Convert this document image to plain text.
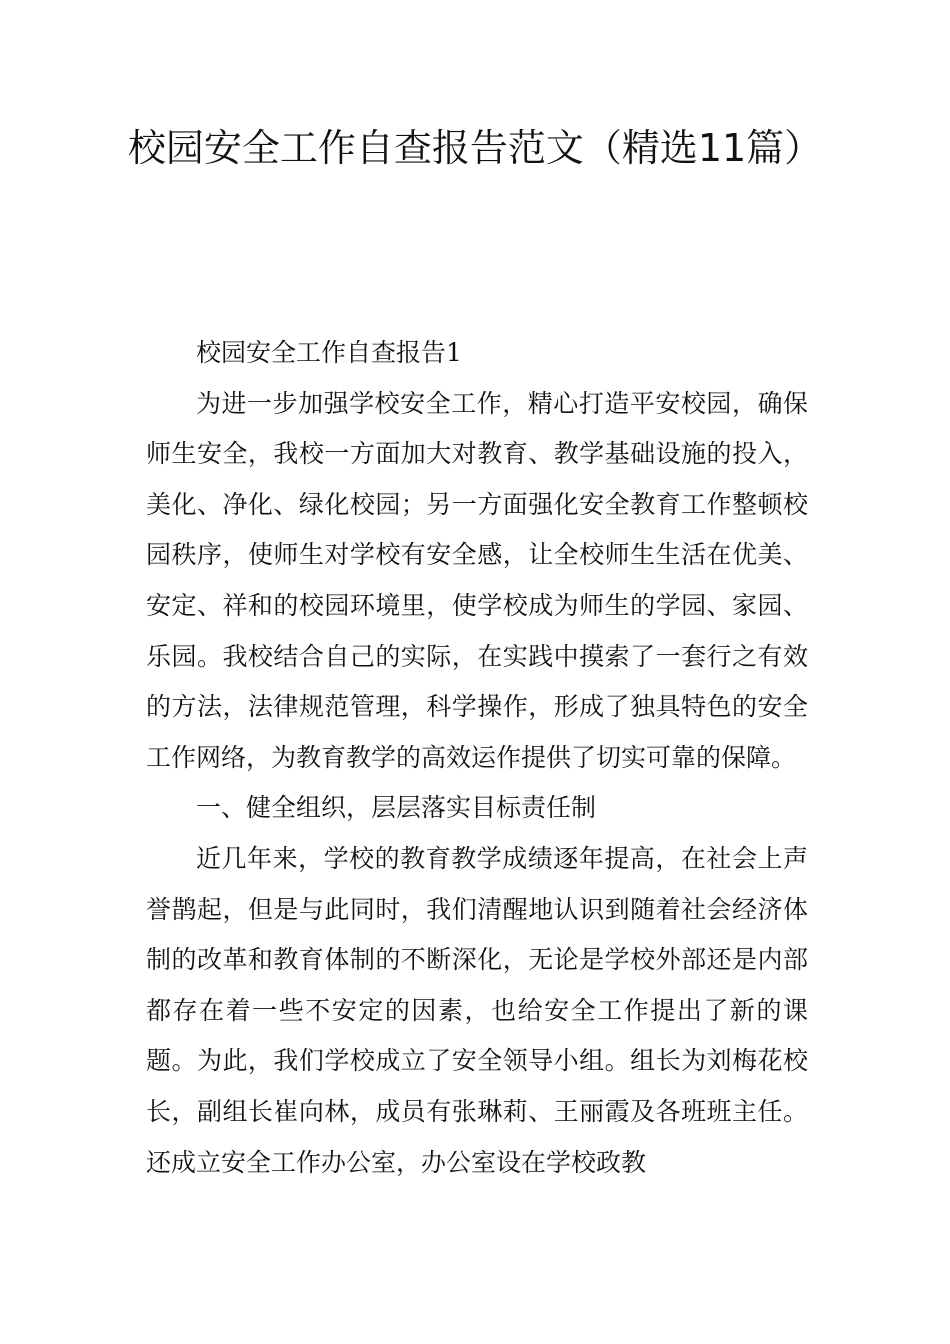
校园安全工作自查报告范文（精选11篇）

校园安全工作自查报告1

为进一步加强学校安全工作，精心打造平安校园，确保师生安全，我校一方面加大对教育、教学基础设施的投入，美化、净化、绿化校园；另一方面强化安全教育工作整顿校园秩序，使师生对学校有安全感，让全校师生生活在优美、安定、祥和的校园环境里，使学校成为师生的学园、家园、乐园。我校结合自己的实际，在实践中摸索了一套行之有效的方法，法律规范管理，科学操作，形成了独具特色的安全工作网络，为教育教学的高效运作提供了切实可靠的保障。

一、健全组织，层层落实目标责任制

近几年来，学校的教育教学成绩逐年提高，在社会上声誉鹊起，但是与此同时，我们清醒地认识到随着社会经济体制的改革和教育体制的不断深化，无论是学校外部还是内部都存在着一些不安定的因素，也给安全工作提出了新的课题。为此，我们学校成立了安全领导小组。组长为刘梅花校长，副组长崔向林，成员有张琳莉、王丽霞及各班班主任。还成立安全工作办公室，办公室设在学校政教
